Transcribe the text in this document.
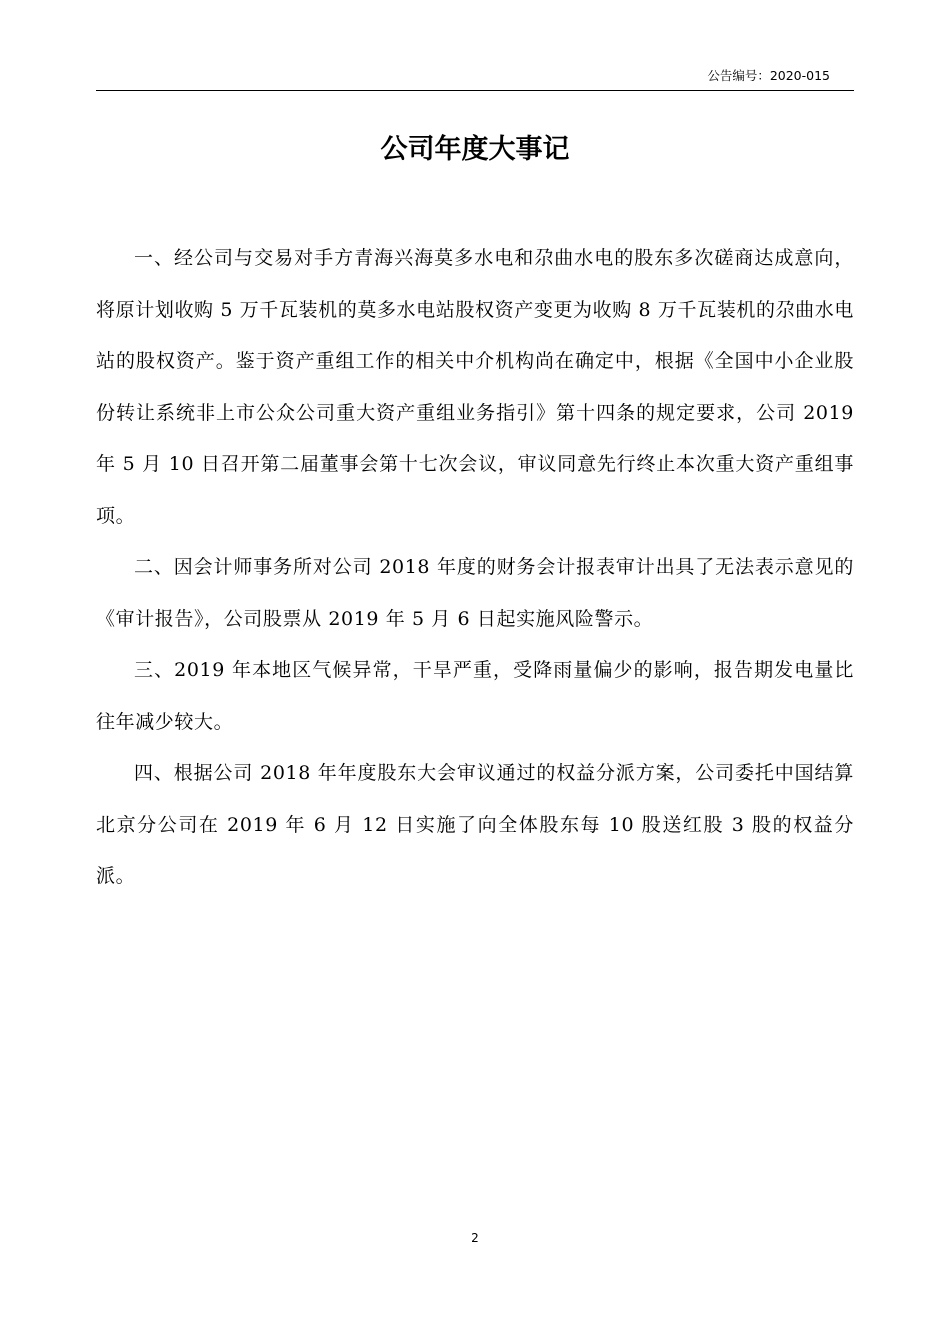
公告编号：2020-015
公司年度大事记

一、经公司与交易对手方青海兴海莫多水电和尕曲水电的股东多次磋商达成意向，将原计划收购 5 万千瓦装机的莫多水电站股权资产变更为收购 8 万千瓦装机的尕曲水电站的股权资产。鉴于资产重组工作的相关中介机构尚在确定中，根据《全国中小企业股份转让系统非上市公众公司重大资产重组业务指引》第十四条的规定要求，公司 2019 年 5 月 10 日召开第二届董事会第十七次会议，审议同意先行终止本次重大资产重组事项。

二、因会计师事务所对公司 2018 年度的财务会计报表审计出具了无法表示意见的《审计报告》，公司股票从 2019 年 5 月 6 日起实施风险警示。

三、2019 年本地区气候异常，干旱严重，受降雨量偏少的影响，报告期发电量比往年减少较大。

四、根据公司 2018 年年度股东大会审议通过的权益分派方案，公司委托中国结算北京分公司在 2019 年 6 月 12 日实施了向全体股东每 10 股送红股 3 股的权益分派。

2
